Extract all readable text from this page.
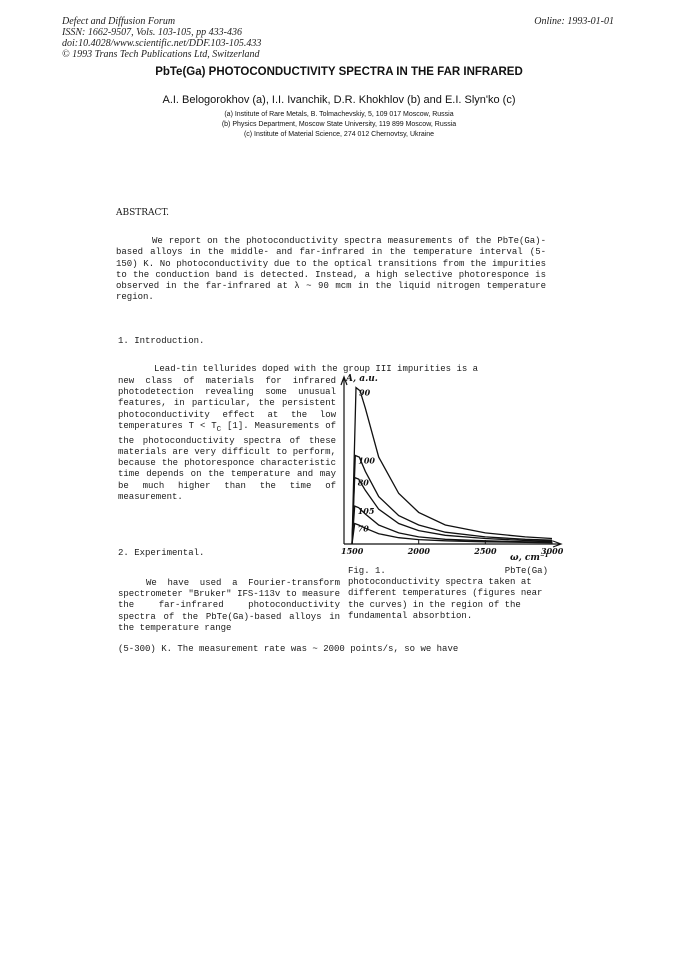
Defect and Diffusion Forum
ISSN: 1662-9507, Vols. 103-105, pp 433-436
doi:10.4028/www.scientific.net/DDF.103-105.433
© 1993 Trans Tech Publications Ltd, Switzerland
Online: 1993-01-01
PbTe(Ga) PHOTOCONDUCTIVITY SPECTRA IN THE FAR INFRARED
A.I. Belogorokhov (a), I.I. Ivanchik, D.R. Khokhlov (b) and E.I. Slyn'ko (c)
(a) Institute of Rare Metals, B. Tolmachevskiy, 5, 109 017 Moscow, Russia
(b) Physics Department, Moscow State University, 119 899 Moscow, Russia
(c) Institute of Material Science, 274 012 Chernovtsy, Ukraine
ABSTRACT.

We report on the photoconductivity spectra measurements of the PbTe(Ga)-based alloys in the middle- and far-infrared in the temperature interval (5-150) K. No photoconductivity due to the optical transitions from the impurities to the conduction band is detected. Instead, a high selective photoresponce is observed in the far-infrared at λ ~ 90 mcm in the liquid nitrogen temperature region.

1. Introduction.
Lead-tin tellurides doped with the group III impurities is a

new class of materials for infrared photodetection revealing some unusual features, in particular, the persistent photoconductivity effect at the low temperatures $T < T_C$ [1]. Measurements of the photoconductivity spectra of these materials are very difficult to perform, because the photoresponce characteristic time depends on the temperature and may be much higher than the time of measurement.

90
100
80
105
70
1500	2000	2500	3000
A, a.u.
ω, cm⁻¹
2. Experimental.

We have used a Fourier-transform spectrometer "Bruker" IFS-113v to measure the far-infrared photoconductivity spectra of the PbTe(Ga)-based alloys in the temperature range

(5-300) K. The measurement rate was ~ 2000 points/s, so we have
Fig. 1.	PbTe(Ga)
photoconductivity spectra taken at different temperatures (figures near the curves) in the region of the fundamental absorbtion.
